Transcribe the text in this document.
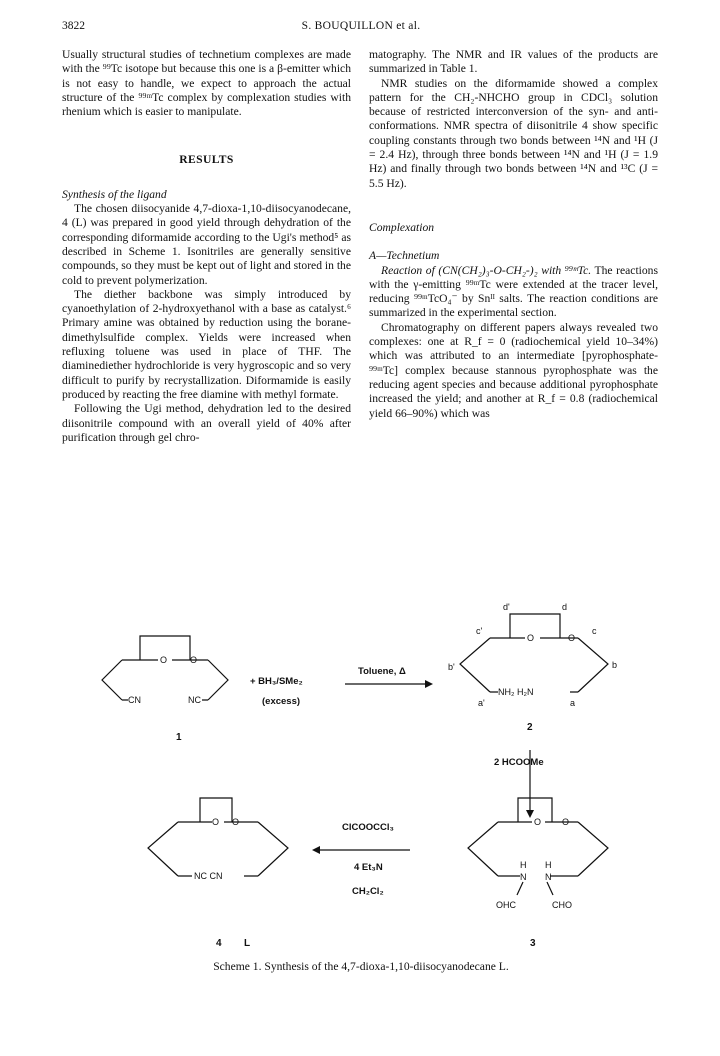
3822	S. BOUQUILLON et al.

Usually structural studies of technetium complexes are made with the ⁹⁹Tc isotope but because this one is a β-emitter which is not easy to handle, we expect to approach the actual structure of the ⁹⁹ᵐTc complex by complexation studies with rhenium which is easier to manipulate.

RESULTS

Synthesis of the ligand

The chosen diisocyanide 4,7-dioxa-1,10-diisocyanodecane, 4 (L) was prepared in good yield through dehydration of the corresponding diformamide according to the Ugi's method⁵ as described in Scheme 1. Isonitriles are generally sensitive compounds, so they must be kept out of light and stored in the cold to prevent polymerization.

The diether backbone was simply introduced by cyanoethylation of 2-hydroxyethanol with a base as catalyst.⁶ Primary amine was obtained by reduction using the borane-dimethylsulfide complex. Yields were increased when refluxing toluene was used in place of THF. The diaminediether hydrochloride is very hygroscopic and so very difficult to purify by recrystallization. Diformamide is easily produced by reacting the free diamine with methyl formate.

Following the Ugi method, dehydration led to the desired diisonitrile compound with an overall yield of 40% after purification through gel chro-

matography. The NMR and IR values of the products are summarized in Table 1.

NMR studies on the diformamide showed a complex pattern for the CH₂-NHCHO group in CDCl₃ solution because of restricted interconversion of the syn- and anti-conformations. NMR spectra of diisonitrile 4 show specific coupling constants through two bonds between ¹⁴N and ¹H (J = 2.4 Hz), through three bonds between ¹⁴N and ¹H (J = 1.9 Hz) and finally through two bonds between ¹⁴N and ¹³C (J = 5.5 Hz).

Complexation

A—Technetium

Reaction of (CN(CH₂)₃-O-CH₂-)₂ with ⁹⁹ᵐTc. The reactions with the γ-emitting ⁹⁹ᵐTc were extended at the tracer level, reducing ⁹⁹ᵐTcO₄⁻ by Snᴵᴵ salts. The reaction conditions are summarized in the experimental section.

Chromatography on different papers always revealed two complexes: one at R_f = 0 (radiochemical yield 10–34%) which was attributed to an intermediate [pyrophosphate-⁹⁹ᵐTc] complex because stannous pyrophosphate was the reducing agent species and because additional pyrophosphate increased the yield; and another at R_f = 0.8 (radiochemical yield 66–90%) which was

O	O
CN	NC
1
+ BH₃/SMe₂
(excess)
Toluene, Δ
O	O
NH₂ H₂N
d'	d
c'	c
b'	b
a'	a
2
2 HCOOMe
O O
H H
N N
OHC	CHO
3
ClCOOCCl₃
4 Et₃N
CH₂Cl₂
O O
NC CN
4 L
Scheme 1. Synthesis of the 4,7-dioxa-1,10-diisocyanodecane L.
